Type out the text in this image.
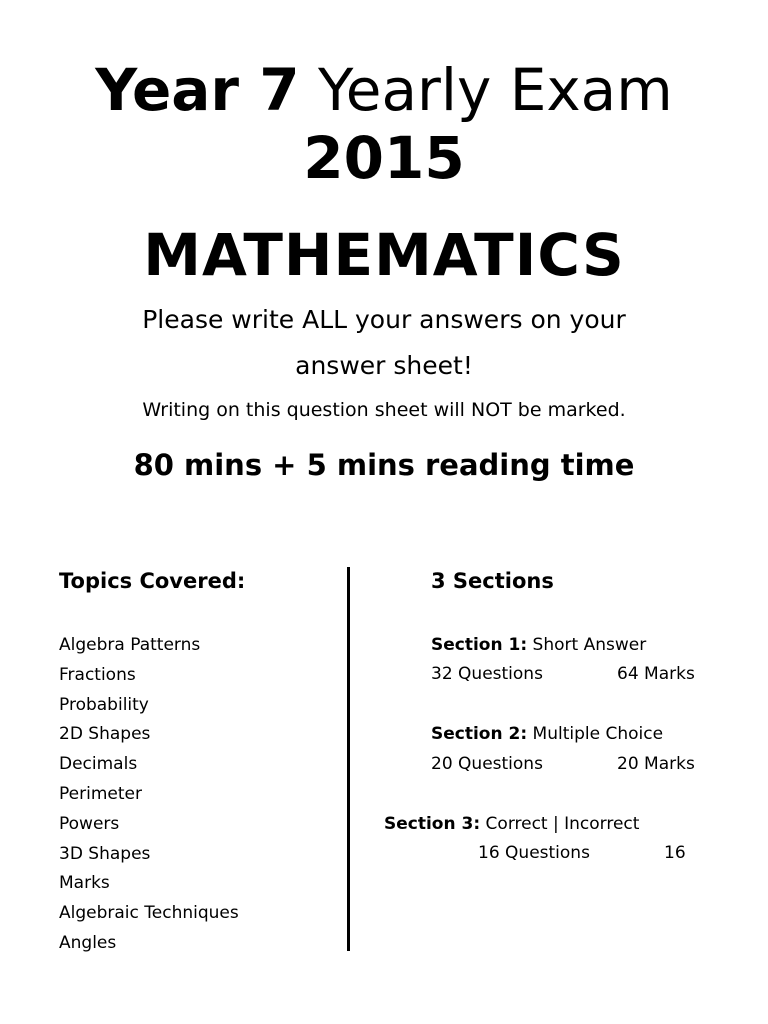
Year 7 Yearly Exam
2015
MATHEMATICS
Please write ALL your answers on your
answer sheet!
Writing on this question sheet will NOT be marked.
80 mins + 5 mins reading time
Topics Covered:
Algebra Patterns
Fractions
Probability
2D Shapes
Decimals
Perimeter
Powers
3D Shapes
Marks
Algebraic Techniques
Angles
3 Sections
Section 1: Short Answer
32 Questions	64 Marks
Section 2: Multiple Choice
20 Questions	20 Marks
Section 3: Correct | Incorrect
16 Questions	16
